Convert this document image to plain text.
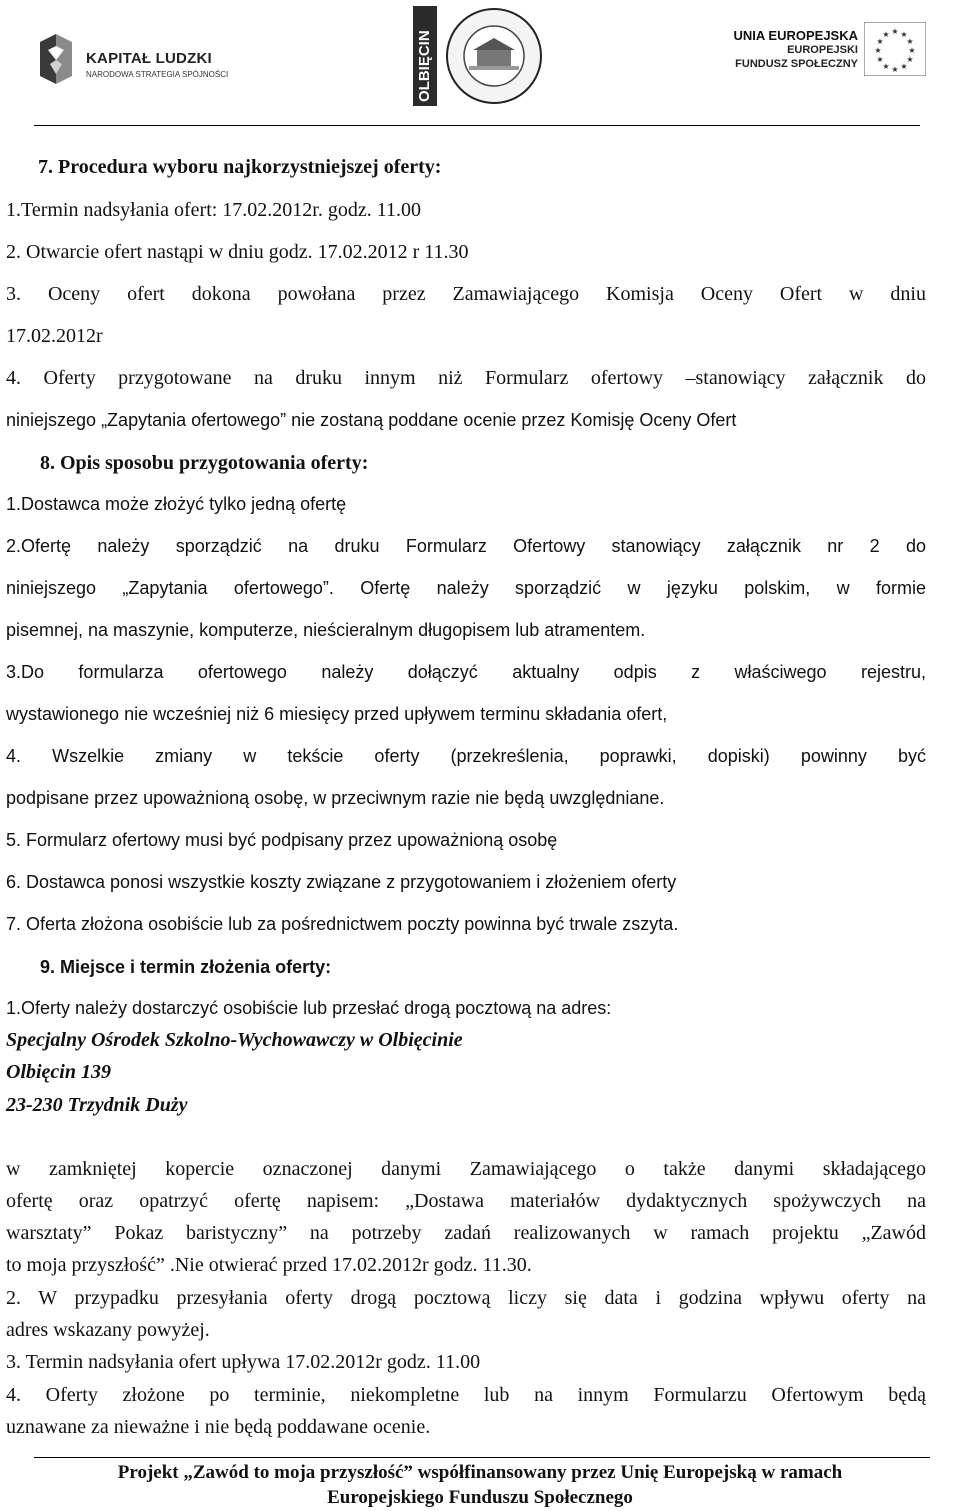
KAPITAŁ LUDZKI
NARODOWA STRATEGIA SPÓJNOŚCI	OLBIĘCIN	UNIA EUROPEJSKA
EUROPEJSKI
FUNDUSZ SPOŁECZNY
★ ★
★
★
★
★
★
★
★
★
★
★
7. Procedura wyboru najkorzystniejszej oferty:
1.Termin nadsyłania ofert: 17.02.2012r. godz. 11.00
2. Otwarcie ofert nastąpi w dniu godz. 17.02.2012 r 11.30
3. Oceny ofert dokona powołana przez Zamawiającego Komisja Oceny Ofert w dniu
17.02.2012r
4. Oferty przygotowane na druku innym niż Formularz ofertowy –stanowiący załącznik do
niniejszego „Zapytania ofertowego” nie zostaną poddane ocenie przez Komisję Oceny Ofert
8. Opis sposobu przygotowania oferty:
1.Dostawca może złożyć tylko jedną ofertę
2.Ofertę należy sporządzić na druku Formularz Ofertowy stanowiący załącznik nr 2 do
niniejszego „Zapytania ofertowego”. Ofertę należy sporządzić w języku polskim, w formie
pisemnej, na maszynie, komputerze, nieścieralnym długopisem lub atramentem.
3.Do formularza ofertowego należy dołączyć aktualny odpis z właściwego rejestru,
wystawionego nie wcześniej niż 6 miesięcy przed upływem terminu składania ofert,
4. Wszelkie zmiany w tekście oferty (przekreślenia, poprawki, dopiski) powinny być
podpisane przez upoważnioną osobę, w przeciwnym razie nie będą uwzględniane.
5. Formularz ofertowy musi być podpisany przez upoważnioną osobę
6. Dostawca ponosi wszystkie koszty związane z przygotowaniem i złożeniem oferty
7. Oferta złożona osobiście lub za pośrednictwem poczty powinna być trwale zszyta.
9. Miejsce i termin złożenia oferty:
1.Oferty należy dostarczyć osobiście lub przesłać drogą pocztową na adres:
Specjalny Ośrodek Szkolno-Wychowawczy w Olbięcinie
Olbięcin 139
23-230 Trzydnik Duży
w zamkniętej kopercie oznaczonej danymi Zamawiającego o także danymi składającego
ofertę oraz opatrzyć ofertę napisem: „Dostawa materiałów dydaktycznych spożywczych na
warsztaty” Pokaz baristyczny” na potrzeby zadań realizowanych w ramach projektu „Zawód
to moja przyszłość” .Nie otwierać przed 17.02.2012r godz. 11.30.
2. W przypadku przesyłania oferty drogą pocztową liczy się data i godzina wpływu oferty na
adres wskazany powyżej.
3. Termin nadsyłania ofert upływa 17.02.2012r godz. 11.00
4. Oferty złożone po terminie, niekompletne lub na innym Formularzu Ofertowym będą
uznawane za nieważne i nie będą poddawane ocenie.
Projekt „Zawód to moja przyszłość” współfinansowany przez Unię Europejską w ramach
Europejskiego Funduszu Społecznego
